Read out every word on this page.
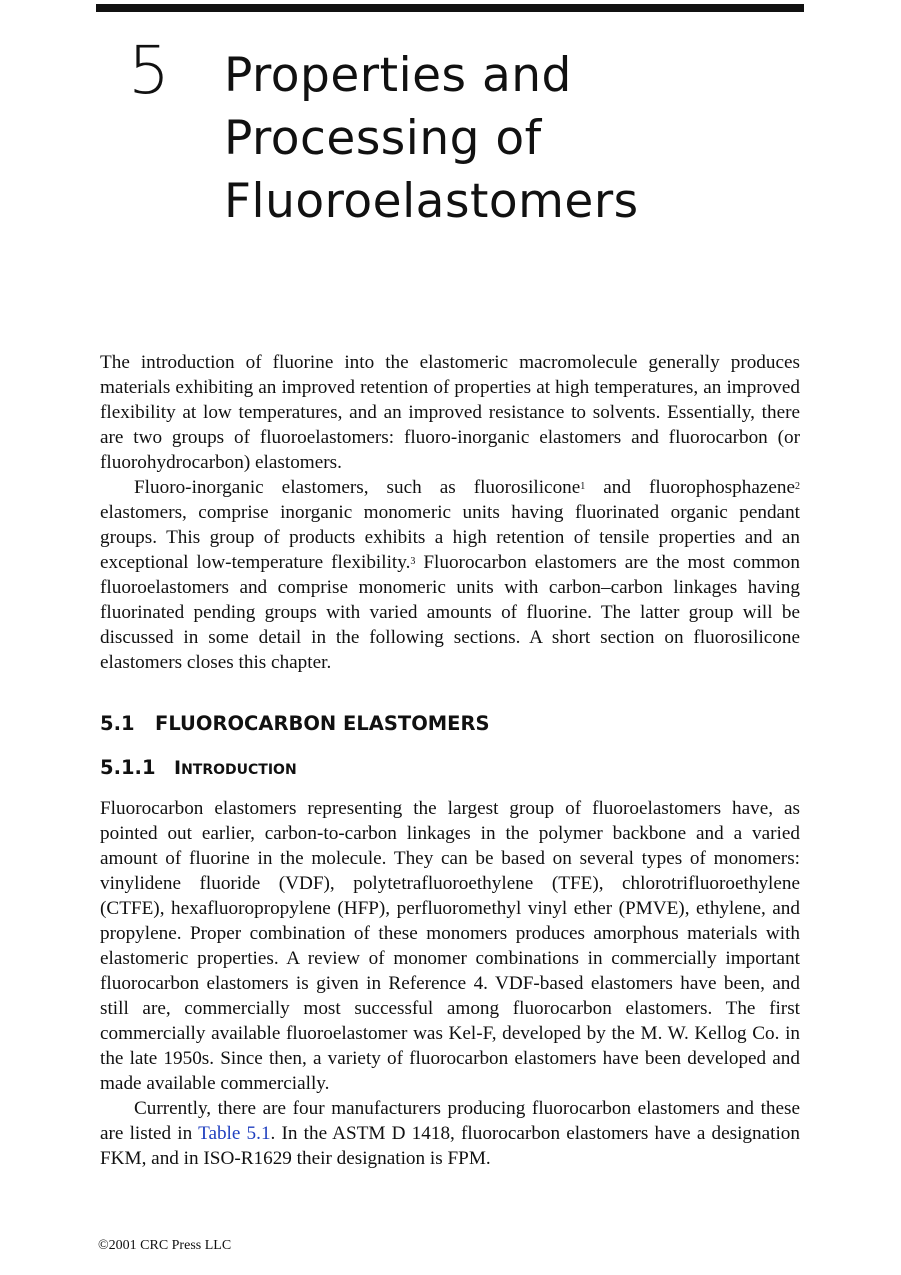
5 Properties and
Processing of
Fluoroelastomers

The introduction of fluorine into the elastomeric macromolecule generally produces materials exhibiting an improved retention of properties at high temperatures, an improved flexibility at low temperatures, and an improved resistance to solvents. Essentially, there are two groups of fluoroelastomers: fluoro-inorganic elastomers and fluorocarbon (or fluorohydrocarbon) elastomers.

Fluoro-inorganic elastomers, such as fluorosilicone$^1$ and fluorophosphazene$^2$ elastomers, comprise inorganic monomeric units having fluorinated organic pendant groups. This group of products exhibits a high retention of tensile properties and an exceptional low-temperature flexibility.$^3$ Fluorocarbon elastomers are the most common fluoroelastomers and comprise monomeric units with carbon–carbon linkages having fluorinated pending groups with varied amounts of fluorine. The latter group will be discussed in some detail in the following sections. A short section on fluorosilicone elastomers closes this chapter.

5.1 FLUOROCARBON ELASTOMERS
5.1.1 INTRODUCTION

Fluorocarbon elastomers representing the largest group of fluoroelastomers have, as pointed out earlier, carbon-to-carbon linkages in the polymer backbone and a varied amount of fluorine in the molecule. They can be based on several types of monomers: vinylidene fluoride (VDF), polytetrafluoroethylene (TFE), chlorotrifluoroethylene (CTFE), hexafluoropropylene (HFP), perfluoromethyl vinyl ether (PMVE), ethylene, and propylene. Proper combination of these monomers produces amorphous materials with elastomeric properties. A review of monomer combinations in commercially important fluorocarbon elastomers is given in Reference 4. VDF-based elastomers have been, and still are, commercially most successful among fluorocarbon elastomers. The first commercially available fluoroelastomer was Kel-F, developed by the M. W. Kellog Co. in the late 1950s. Since then, a variety of fluorocarbon elastomers have been developed and made available commercially.

Currently, there are four manufacturers producing fluorocarbon elastomers and these are listed in Table 5.1. In the ASTM D 1418, fluorocarbon elastomers have a designation FKM, and in ISO-R1629 their designation is FPM.

©2001 CRC Press LLC
